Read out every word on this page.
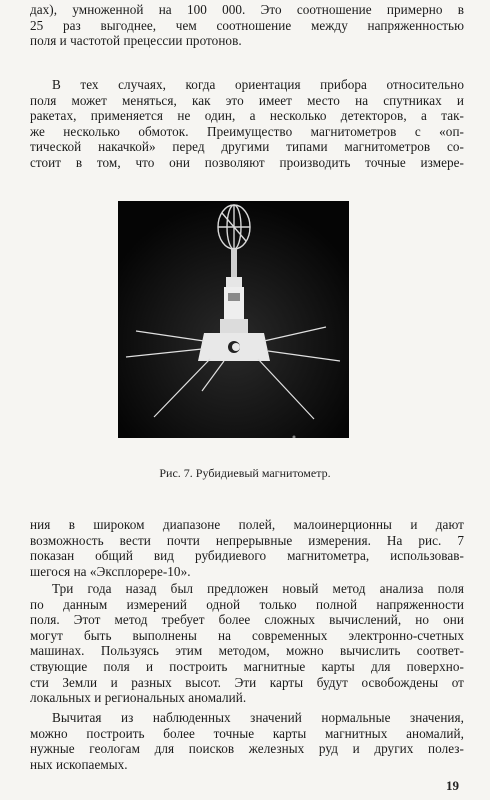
дах), умноженной на 100 000. Это соотношение примерно в
25 раз выгоднее, чем соотношение между напряженностью
поля и частотой прецессии протонов.
В тех случаях, когда ориентация прибора относительно
поля может меняться, как это имеет место на спутниках и
ракетах, применяется не один, а несколько детекторов, а так-
же несколько обмоток. Преимущество магнитометров с «оп-
тической накачкой» перед другими типами магнитометров со-
стоит в том, что они позволяют производить точные измере-
Рис. 7. Рубидиевый магнитометр.
ния в широком диапазоне полей, малоинерционны и дают
возможность вести почти непрерывные измерения. На рис. 7
показан общий вид рубидиевого магнитометра, использовав-
шегося на «Эксплорере-10».
Три года назад был предложен новый метод анализа поля
по данным измерений одной только полной напряженности
поля. Этот метод требует более сложных вычислений, но они
могут быть выполнены на современных электронно-счетных
машинах. Пользуясь этим методом, можно вычислить соответ-
ствующие поля и построить магнитные карты для поверхно-
сти Земли и разных высот. Эти карты будут освобождены от
локальных и региональных аномалий.
Вычитая из наблюденных значений нормальные значения,
можно построить более точные карты магнитных аномалий,
нужные геологам для поисков железных руд и других полез-
ных ископаемых.
19
